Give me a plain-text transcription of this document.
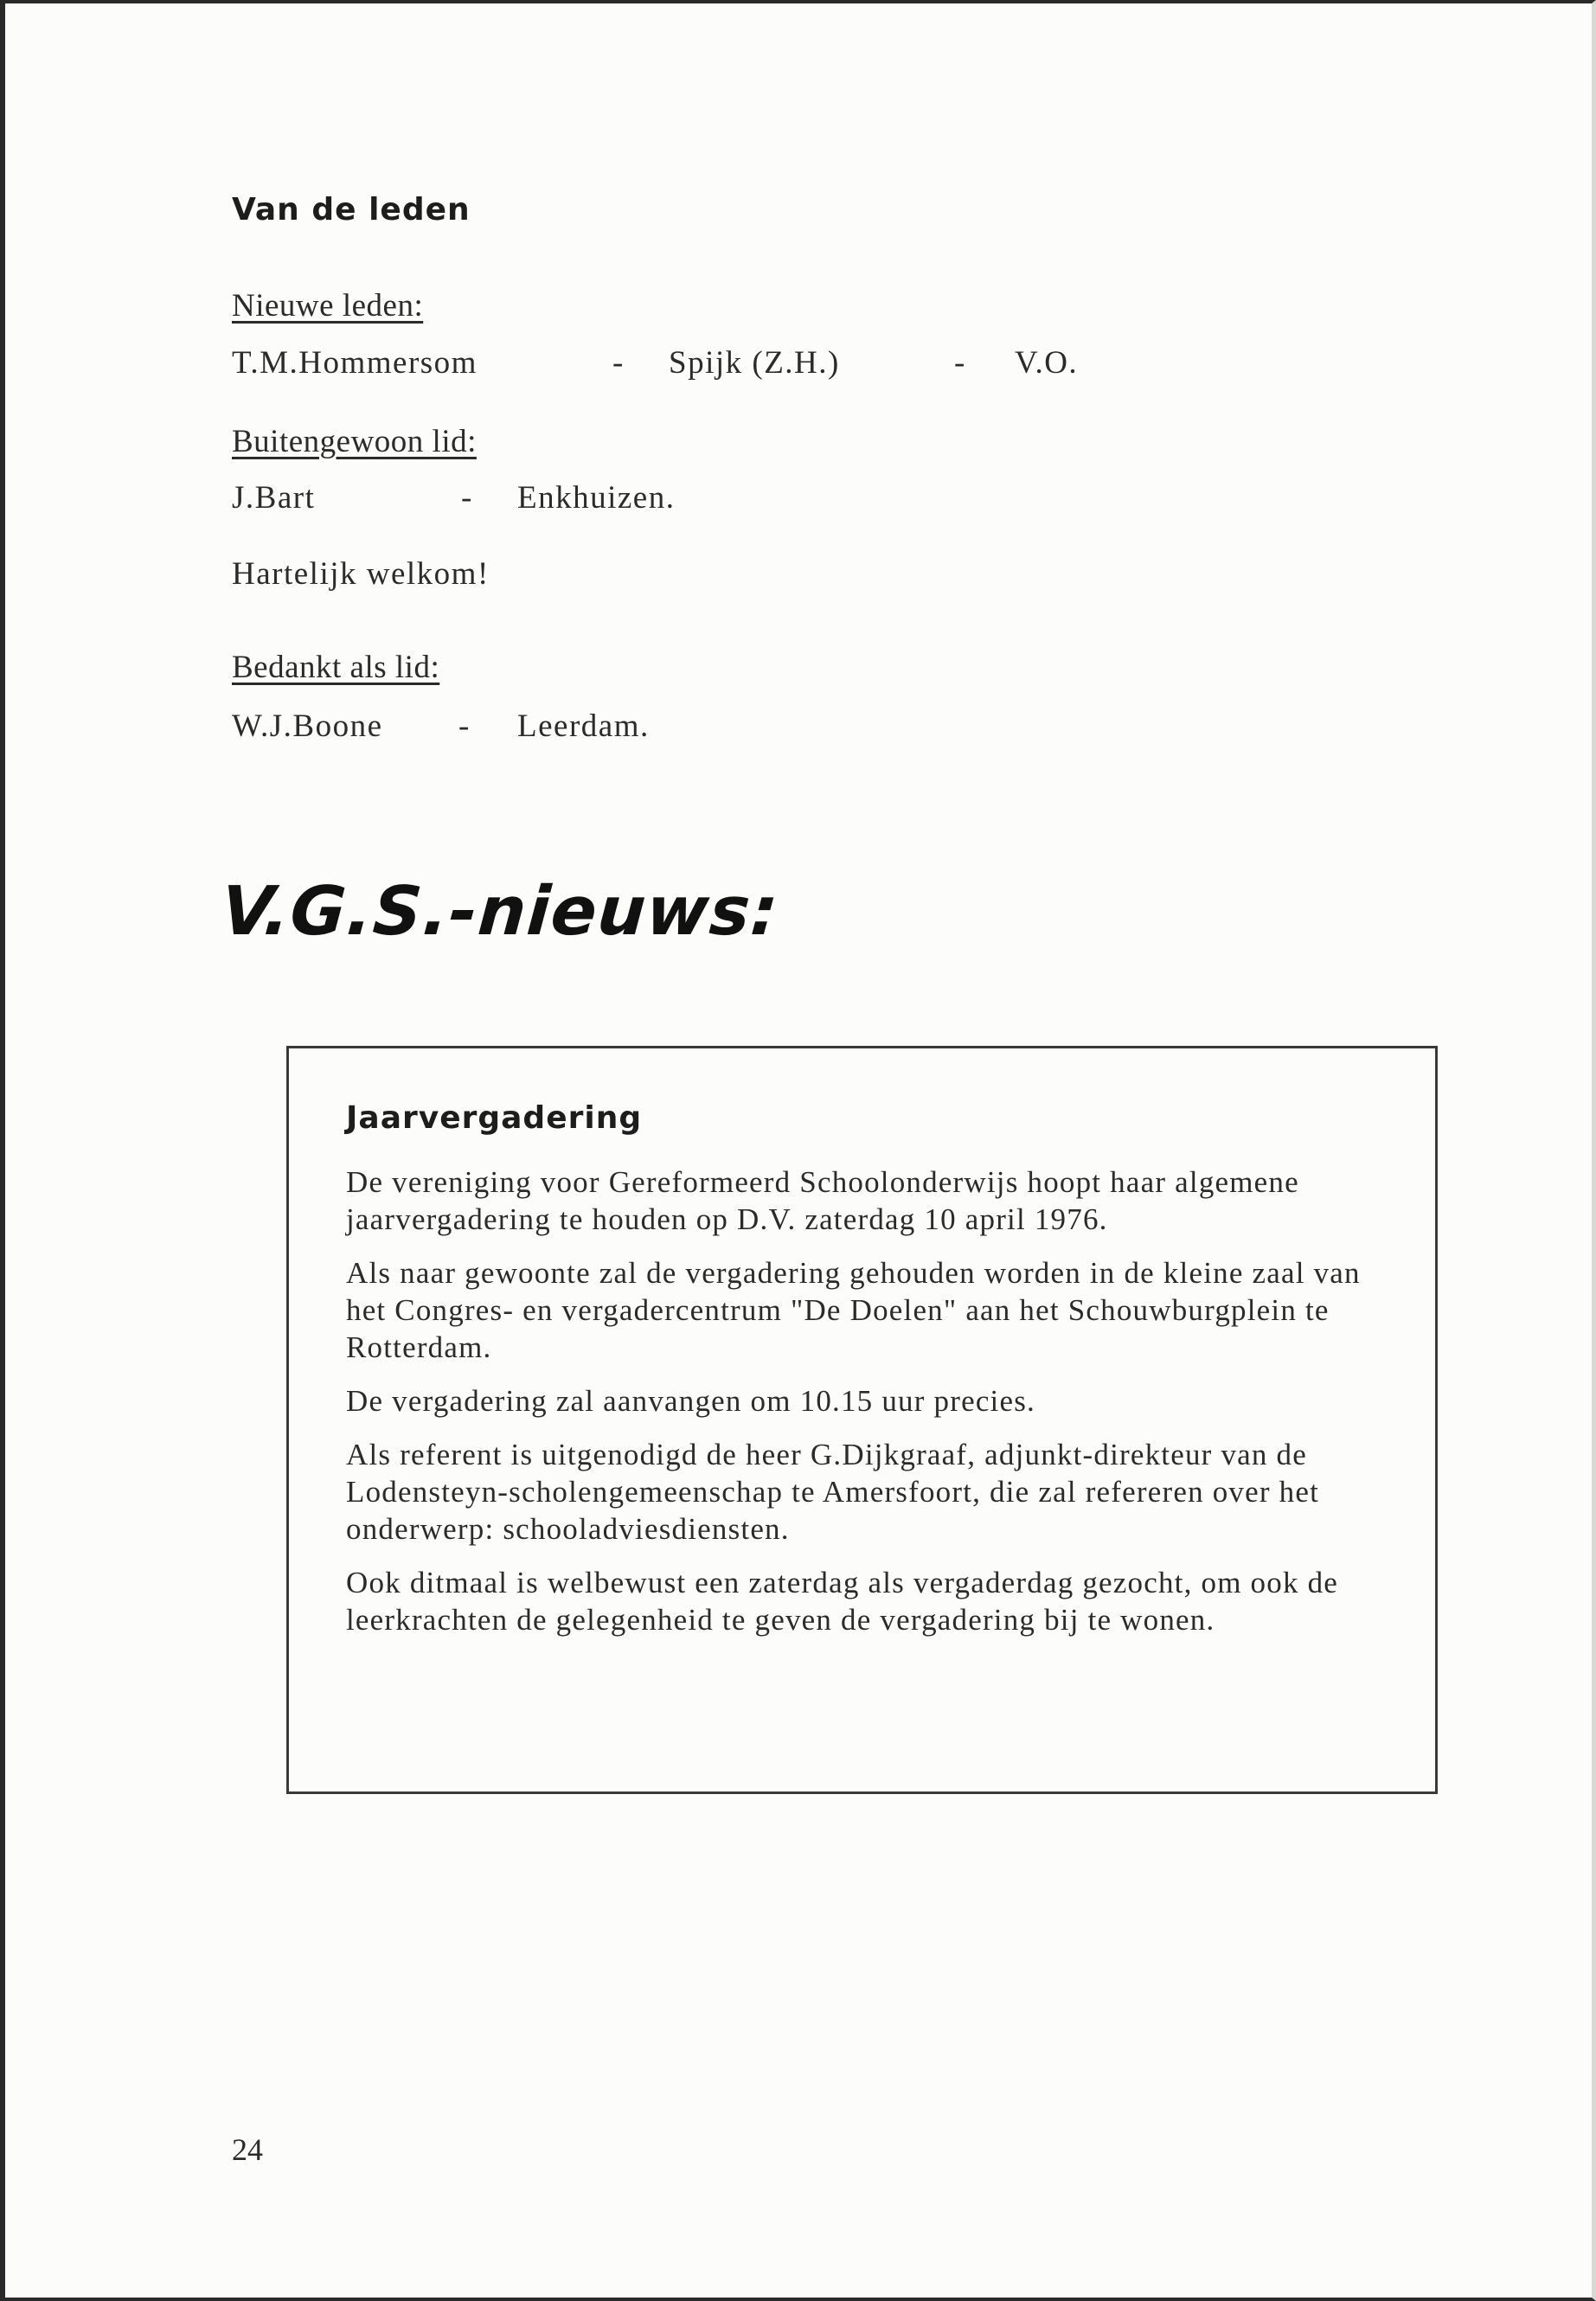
Van de leden
Nieuwe leden:
T.M.Hommersom	- Spijk (Z.H.)	- V.O.
Buitengewoon lid:
J.Bart	- Enkhuizen.
Hartelijk welkom!
Bedankt als lid:
W.J.Boone - Leerdam.
V.G.S.-nieuws:
Jaarvergadering

De vereniging voor Gereformeerd Schoolonderwijs hoopt haar algemene jaarvergadering te houden op D.V. zaterdag 10 april 1976.

Als naar gewoonte zal de vergadering gehouden worden in de kleine zaal van het Congres- en vergadercentrum "De Doelen" aan het Schouwburgplein te Rotterdam.

De vergadering zal aanvangen om 10.15 uur precies.

Als referent is uitgenodigd de heer G.Dijkgraaf, adjunkt-direkteur van de Lodensteyn-scholengemeenschap te Amersfoort, die zal refereren over het onderwerp: schooladviesdiensten.

Ook ditmaal is welbewust een zaterdag als vergaderdag gezocht, om ook de leerkrachten de gelegenheid te geven de vergadering bij te wonen.

24
